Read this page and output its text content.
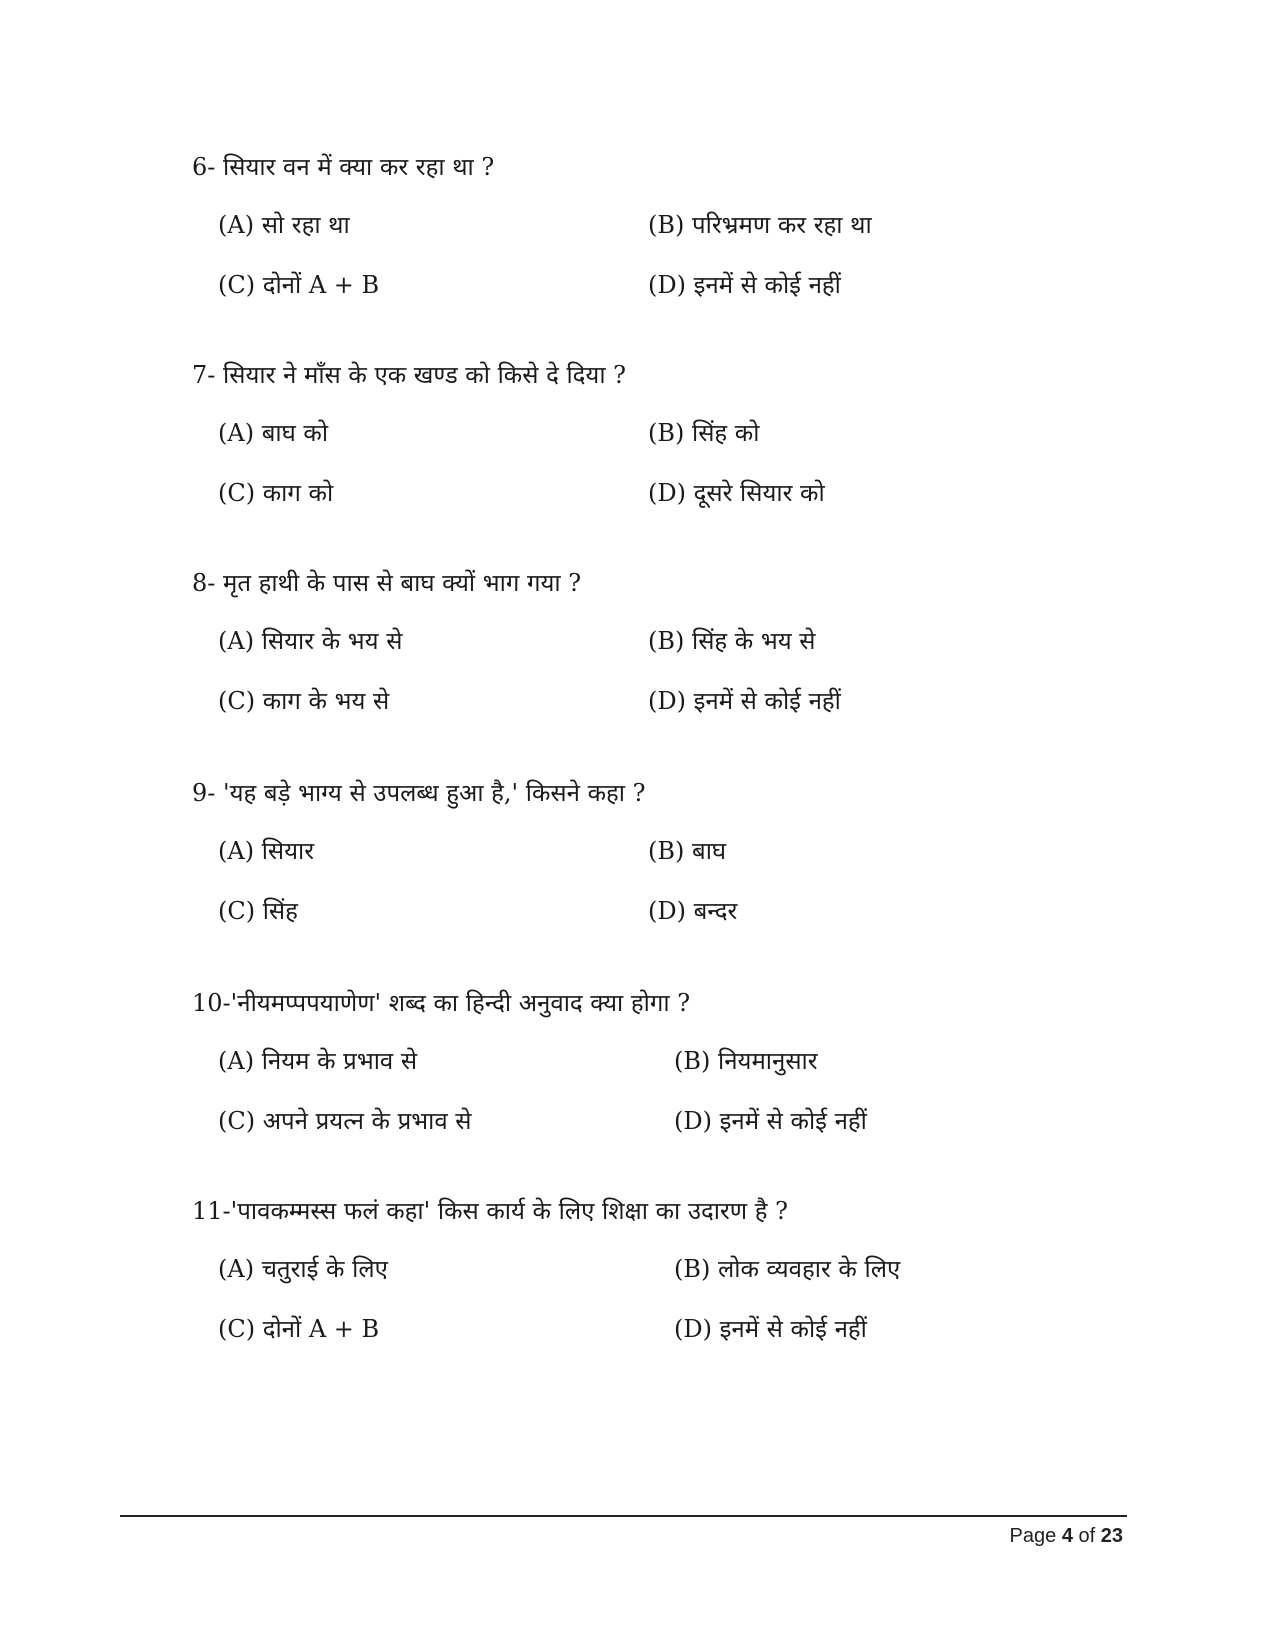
6- सियार वन में क्या कर रहा था ?
(A) सो रहा था	(B) परिभ्रमण कर रहा था
(C) दोनों A + B	(D) इनमें से कोई नहीं
7- सियार ने माँस के एक खण्ड को किसे दे दिया ?
(A) बाघ को	(B) सिंह को
(C) काग को	(D) दूसरे सियार को
8- मृत हाथी के पास से बाघ क्यों भाग गया ?
(A) सियार के भय से	(B) सिंह के भय से
(C) काग के भय से	(D) इनमें से कोई नहीं
9- 'यह बड़े भाग्य से उपलब्ध हुआ है,' किसने कहा ?
(A) सियार	(B) बाघ
(C) सिंह	(D) बन्दर
10-'नीयमप्पपयाणेण' शब्द का हिन्दी अनुवाद क्या होगा ?
(A) नियम के प्रभाव से	(B) नियमानुसार
(C) अपने प्रयत्न के प्रभाव से	(D) इनमें से कोई नहीं
11-'पावकम्मस्स फलं कहा' किस कार्य के लिए शिक्षा का उदारण है ?
(A) चतुराई के लिए	(B) लोक व्यवहार के लिए
(C) दोनों A + B	(D) इनमें से कोई नहीं
Page 4 of 23
